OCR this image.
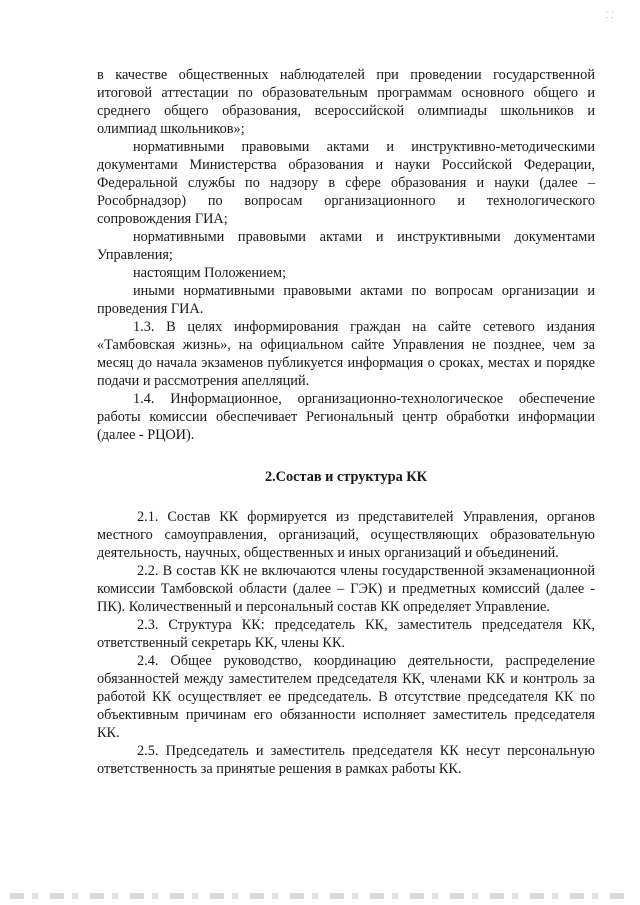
⸬

в качестве общественных наблюдателей при проведении государственной итоговой аттестации по образовательным программам основного общего и среднего общего образования, всероссийской олимпиады школьников и олимпиад школьников»;

нормативными правовыми актами и инструктивно-методическими документами Министерства образования и науки Российской Федерации, Федеральной службы по надзору в сфере образования и науки (далее – Рособрнадзор) по вопросам организационного и технологического сопровождения ГИА;

нормативными правовыми актами и инструктивными документами Управления;

настоящим Положением;

иными нормативными правовыми актами по вопросам организации и проведения ГИА.

1.3. В целях информирования граждан на сайте сетевого издания «Тамбовская жизнь», на официальном сайте Управления не позднее, чем за месяц до начала экзаменов публикуется информация о сроках, местах и порядке подачи и рассмотрения апелляций.

1.4. Информационное, организационно-технологическое обеспечение работы комиссии обеспечивает Региональный центр обработки информации (далее - РЦОИ).

2.Состав и структура КК

2.1. Состав КК формируется из представителей Управления, органов местного самоуправления, организаций, осуществляющих образовательную деятельность, научных, общественных и иных организаций и объединений.

2.2. В состав КК не включаются члены государственной экзаменационной комиссии Тамбовской области (далее – ГЭК) и предметных комиссий (далее - ПК). Количественный и персональный состав КК определяет Управление.

2.3. Структура КК: председатель КК, заместитель председателя КК, ответственный секретарь КК, члены КК.

2.4. Общее руководство, координацию деятельности, распределение обязанностей между заместителем председателя КК, членами КК и контроль за работой КК осуществляет ее председатель. В отсутствие председателя КК по объективным причинам его обязанности исполняет заместитель председателя КК.

2.5. Председатель и заместитель председателя КК несут персональную ответственность за принятые решения в рамках работы КК.
